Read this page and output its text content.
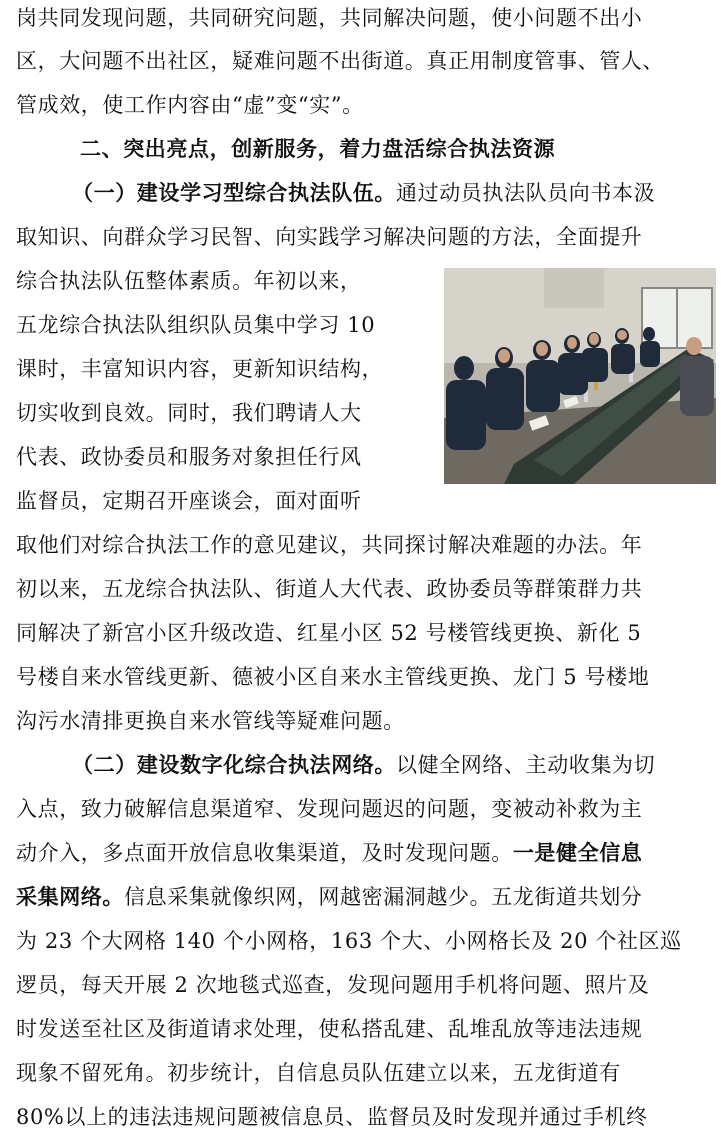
岗共同发现问题，共同研究问题，共同解决问题，使小问题不出小
区，大问题不出社区，疑难问题不出街道。真正用制度管事、管人、
管成效，使工作内容由“虚”变“实”。
二、突出亮点，创新服务，着力盘活综合执法资源
（一）建设学习型综合执法队伍。通过动员执法队员向书本汲
取知识、向群众学习民智、向实践学习解决问题的方法，全面提升
综合执法队伍整体素质。年初以来，
五龙综合执法队组织队员集中学习 10
课时，丰富知识内容，更新知识结构，
切实收到良效。同时，我们聘请人大
代表、政协委员和服务对象担任行风
监督员，定期召开座谈会，面对面听
取他们对综合执法工作的意见建议，共同探讨解决难题的办法。年
初以来，五龙综合执法队、街道人大代表、政协委员等群策群力共
同解决了新宫小区升级改造、红星小区 52 号楼管线更换、新化 5
号楼自来水管线更新、德被小区自来水主管线更换、龙门 5 号楼地
沟污水清排更换自来水管线等疑难问题。
（二）建设数字化综合执法网络。以健全网络、主动收集为切
入点，致力破解信息渠道窄、发现问题迟的问题，变被动补救为主
动介入，多点面开放信息收集渠道，及时发现问题。一是健全信息
采集网络。信息采集就像织网，网越密漏洞越少。五龙街道共划分
为 23 个大网格 140 个小网格，163 个大、小网格长及 20 个社区巡
逻员，每天开展 2 次地毯式巡查，发现问题用手机将问题、照片及
时发送至社区及街道请求处理，使私搭乱建、乱堆乱放等违法违规
现象不留死角。初步统计，自信息员队伍建立以来，五龙街道有
80%以上的违法违规问题被信息员、监督员及时发现并通过手机终
